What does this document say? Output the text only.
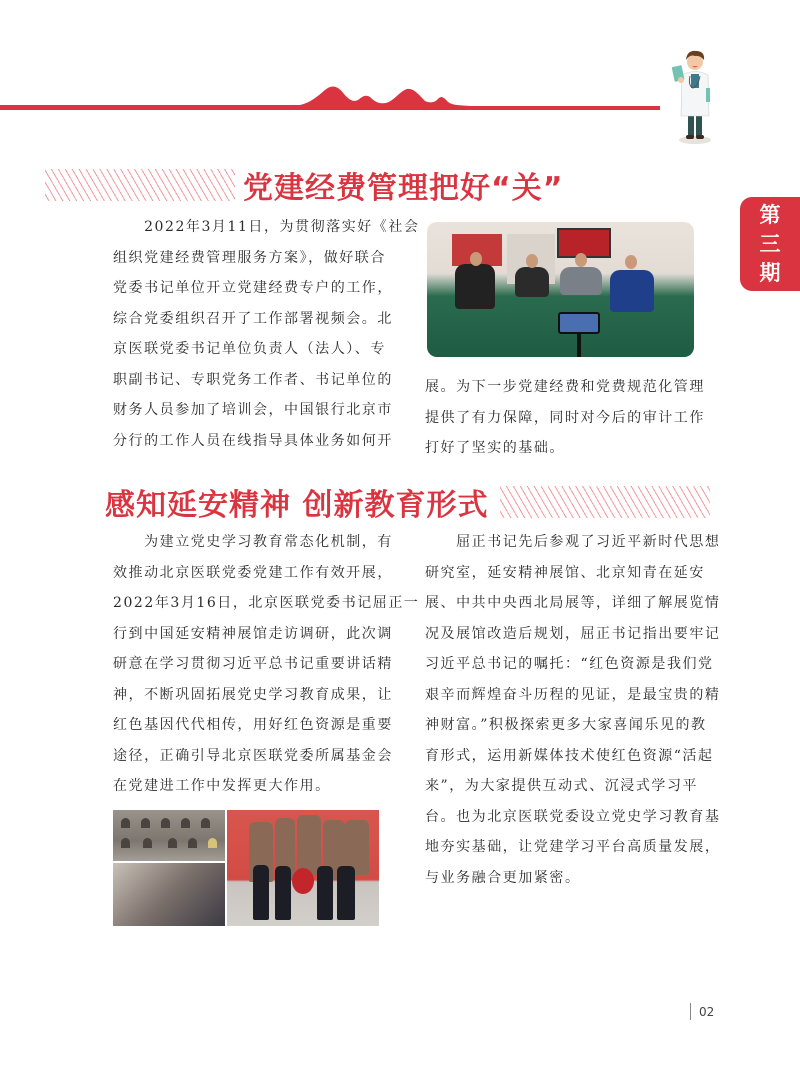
党建经费管理把好“关”
第
三
期

　　2022年3月11日，为贯彻落实好《社会

组织党建经费管理服务方案》，做好联合

党委书记单位开立党建经费专户的工作，

综合党委组织召开了工作部署视频会。北

京医联党委书记单位负责人（法人）、专

职副书记、专职党务工作者、书记单位的

财务人员参加了培训会，中国银行北京市

分行的工作人员在线指导具体业务如何开

展。为下一步党建经费和党费规范化管理

提供了有力保障，同时对今后的审计工作

打好了坚实的基础。

感知延安精神 创新教育形式

　　为建立党史学习教育常态化机制，有

效推动北京医联党委党建工作有效开展，

2022年3月16日，北京医联党委书记屈正一

行到中国延安精神展馆走访调研，此次调

研意在学习贯彻习近平总书记重要讲话精

神，不断巩固拓展党史学习教育成果，让

红色基因代代相传，用好红色资源是重要

途径，正确引导北京医联党委所属基金会

在党建进工作中发挥更大作用。

　　屈正书记先后参观了习近平新时代思想

研究室，延安精神展馆、北京知青在延安

展、中共中央西北局展等，详细了解展览情

况及展馆改造后规划，屈正书记指出要牢记

习近平总书记的嘱托：“红色资源是我们党

艰辛而辉煌奋斗历程的见证，是最宝贵的精

神财富。”积极探索更多大家喜闻乐见的教

育形式，运用新媒体技术使红色资源“活起

来”，为大家提供互动式、沉浸式学习平

台。也为北京医联党委设立党史学习教育基

地夯实基础，让党建学习平台高质量发展，

与业务融合更加紧密。

02
